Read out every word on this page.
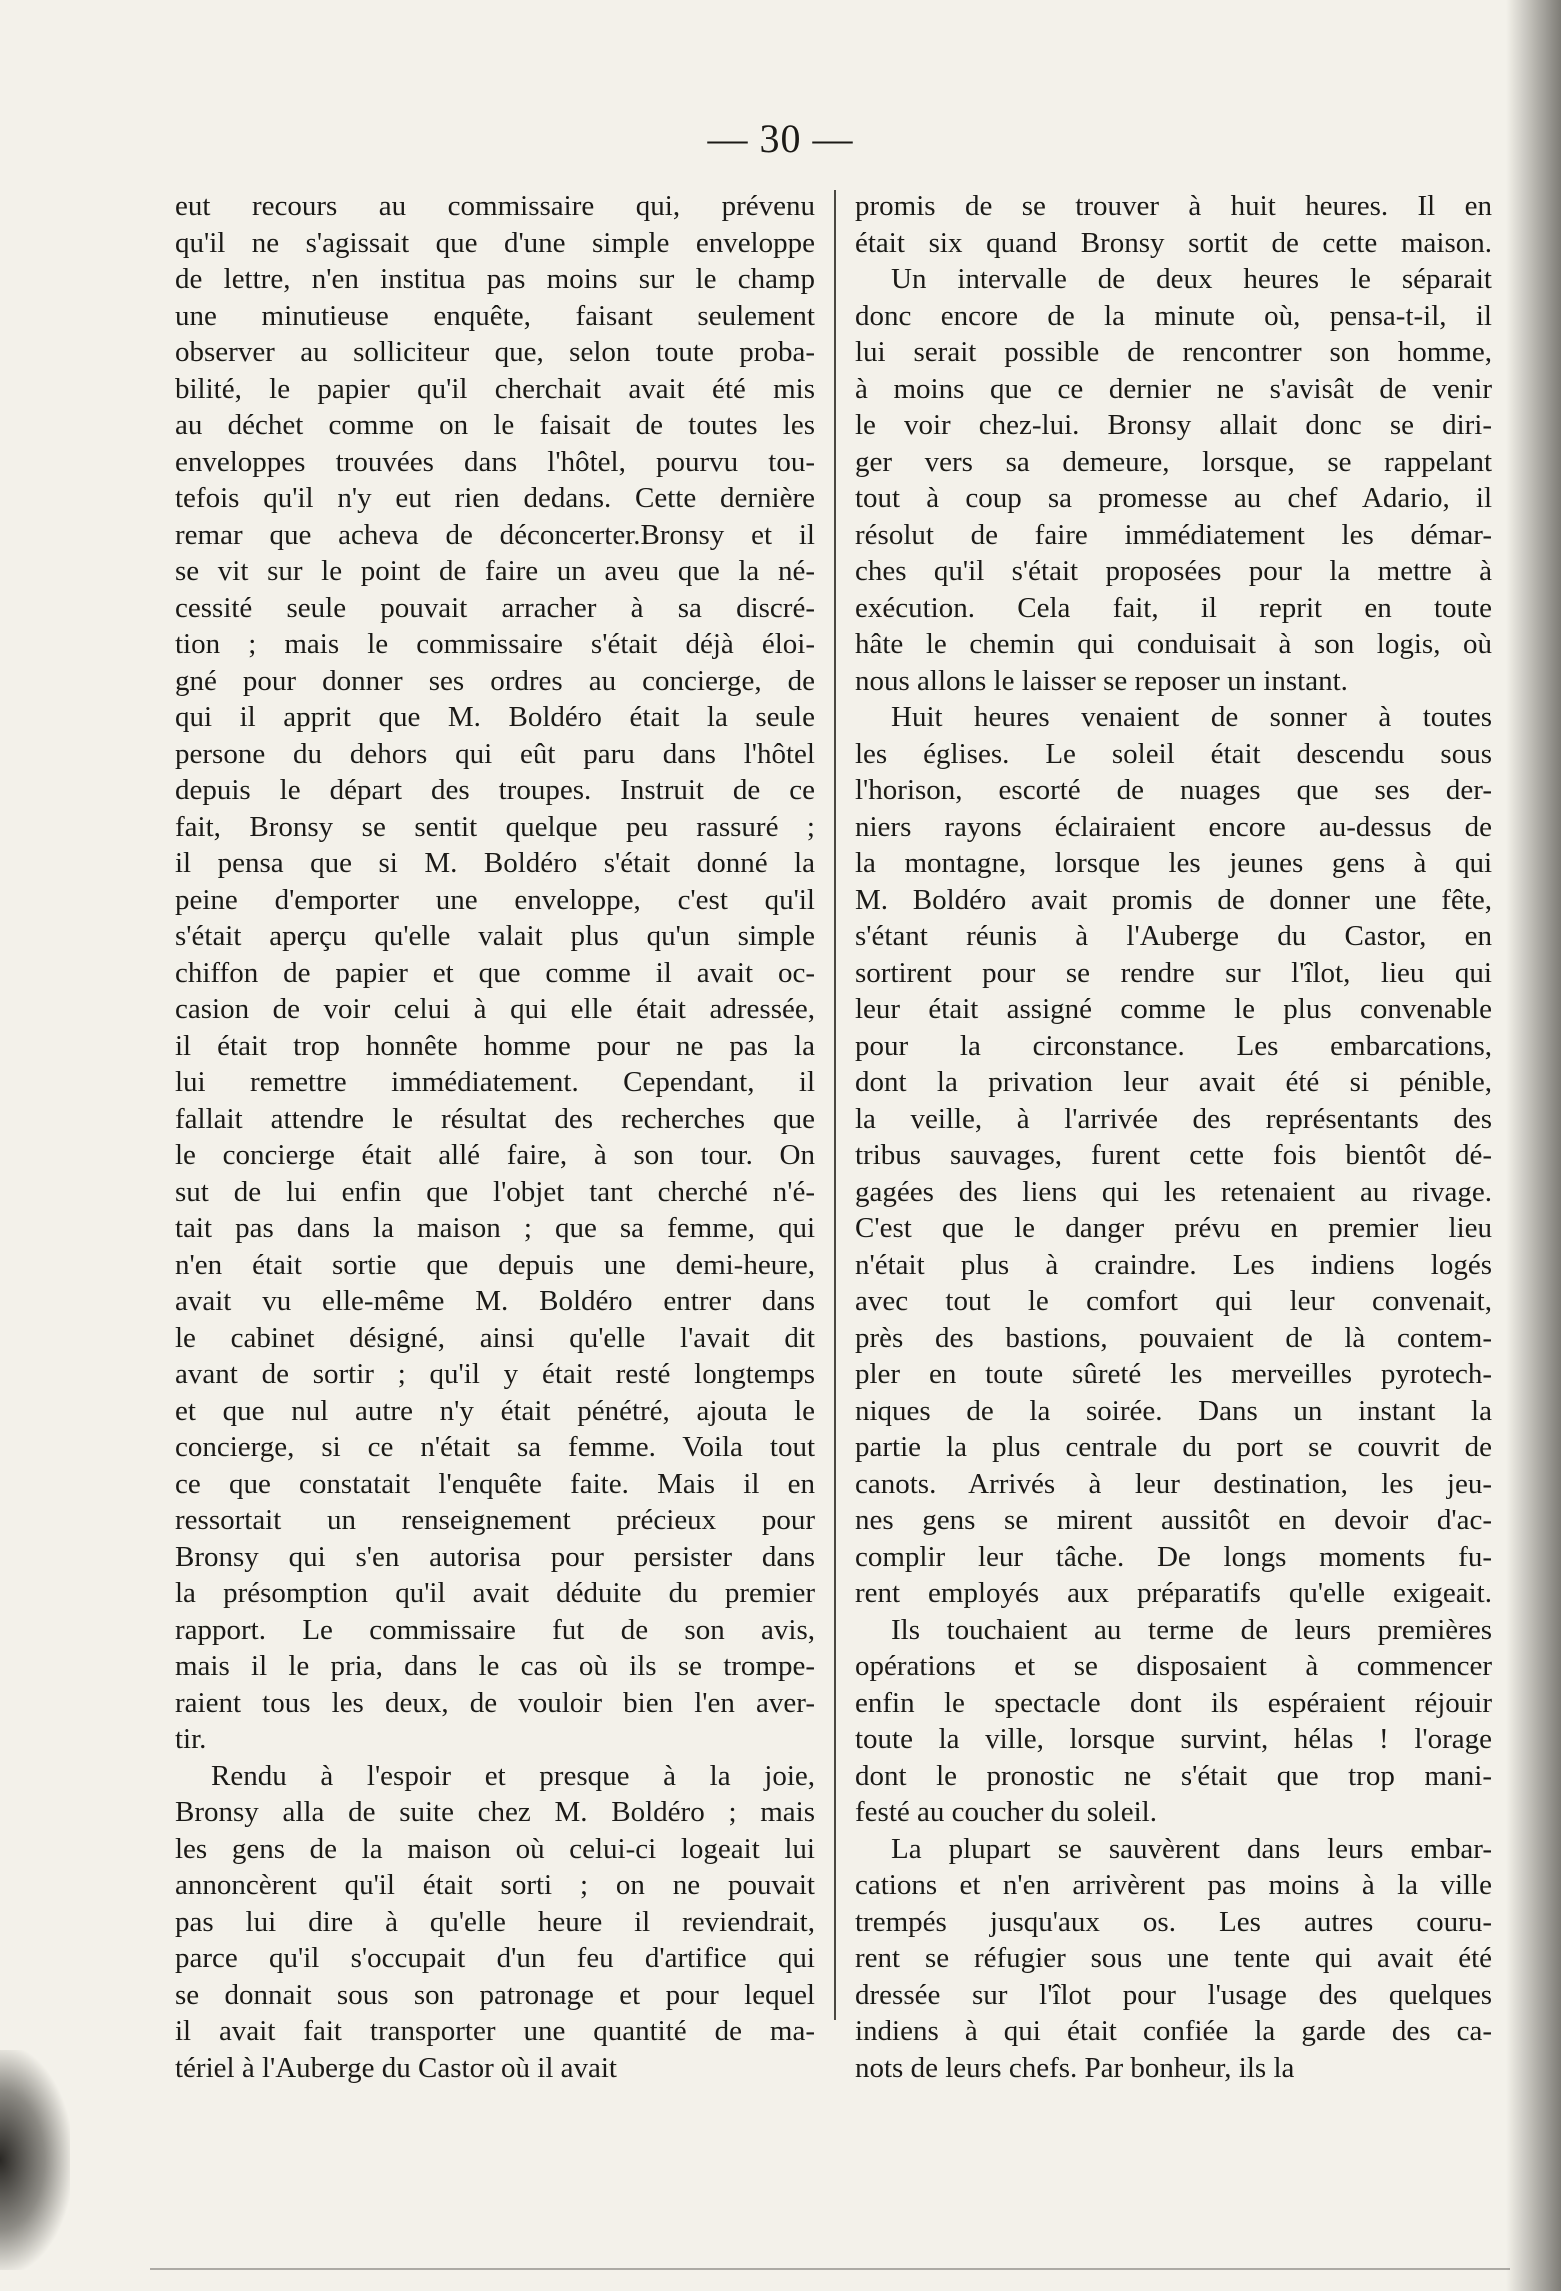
— 30 —
eut recours au commissaire qui, prévenu
qu'il ne s'agissait que d'une simple enveloppe
de lettre, n'en institua pas moins sur le champ
une minutieuse enquête, faisant seulement
observer au solliciteur que, selon toute proba-
bilité, le papier qu'il cherchait avait été mis
au déchet comme on le faisait de toutes les
enveloppes trouvées dans l'hôtel, pourvu tou-
tefois qu'il n'y eut rien dedans. Cette dernière
remar que acheva de déconcerter.Bronsy et il
se vit sur le point de faire un aveu que la né-
cessité seule pouvait arracher à sa discré-
tion ; mais le commissaire s'était déjà éloi-
gné pour donner ses ordres au concierge, de
qui il apprit que M. Boldéro était la seule
persone du dehors qui eût paru dans l'hôtel
depuis le départ des troupes. Instruit de ce
fait, Bronsy se sentit quelque peu rassuré ;
il pensa que si M. Boldéro s'était donné la
peine d'emporter une enveloppe, c'est qu'il
s'était aperçu qu'elle valait plus qu'un simple
chiffon de papier et que comme il avait oc-
casion de voir celui à qui elle était adressée,
il était trop honnête homme pour ne pas la
lui remettre immédiatement. Cependant, il
fallait attendre le résultat des recherches que
le concierge était allé faire, à son tour. On
sut de lui enfin que l'objet tant cherché n'é-
tait pas dans la maison ; que sa femme, qui
n'en était sortie que depuis une demi-heure,
avait vu elle-même M. Boldéro entrer dans
le cabinet désigné, ainsi qu'elle l'avait dit
avant de sortir ; qu'il y était resté longtemps
et que nul autre n'y était pénétré, ajouta le
concierge, si ce n'était sa femme. Voila tout
ce que constatait l'enquête faite. Mais il en
ressortait un renseignement précieux pour
Bronsy qui s'en autorisa pour persister dans
la présomption qu'il avait déduite du premier
rapport. Le commissaire fut de son avis,
mais il le pria, dans le cas où ils se trompe-
raient tous les deux, de vouloir bien l'en aver-
tir.
Rendu à l'espoir et presque à la joie,
Bronsy alla de suite chez M. Boldéro ; mais
les gens de la maison où celui-ci logeait lui
annoncèrent qu'il était sorti ; on ne pouvait
pas lui dire à qu'elle heure il reviendrait,
parce qu'il s'occupait d'un feu d'artifice qui
se donnait sous son patronage et pour lequel
il avait fait transporter une quantité de ma-
tériel à l'Auberge du Castor où il avait
promis de se trouver à huit heures. Il en
était six quand Bronsy sortit de cette maison.
Un intervalle de deux heures le séparait
donc encore de la minute où, pensa-t-il, il
lui serait possible de rencontrer son homme,
à moins que ce dernier ne s'avisât de venir
le voir chez-lui. Bronsy allait donc se diri-
ger vers sa demeure, lorsque, se rappelant
tout à coup sa promesse au chef Adario, il
résolut de faire immédiatement les démar-
ches qu'il s'était proposées pour la mettre à
exécution. Cela fait, il reprit en toute
hâte le chemin qui conduisait à son logis, où
nous allons le laisser se reposer un instant.
Huit heures venaient de sonner à toutes
les églises. Le soleil était descendu sous
l'horison, escorté de nuages que ses der-
niers rayons éclairaient encore au-dessus de
la montagne, lorsque les jeunes gens à qui
M. Boldéro avait promis de donner une fête,
s'étant réunis à l'Auberge du Castor, en
sortirent pour se rendre sur l'îlot, lieu qui
leur était assigné comme le plus convenable
pour la circonstance. Les embarcations,
dont la privation leur avait été si pénible,
la veille, à l'arrivée des représentants des
tribus sauvages, furent cette fois bientôt dé-
gagées des liens qui les retenaient au rivage.
C'est que le danger prévu en premier lieu
n'était plus à craindre. Les indiens logés
avec tout le comfort qui leur convenait,
près des bastions, pouvaient de là contem-
pler en toute sûreté les merveilles pyrotech-
niques de la soirée. Dans un instant la
partie la plus centrale du port se couvrit de
canots. Arrivés à leur destination, les jeu-
nes gens se mirent aussitôt en devoir d'ac-
complir leur tâche. De longs moments fu-
rent employés aux préparatifs qu'elle exigeait.
Ils touchaient au terme de leurs premières
opérations et se disposaient à commencer
enfin le spectacle dont ils espéraient réjouir
toute la ville, lorsque survint, hélas ! l'orage
dont le pronostic ne s'était que trop mani-
festé au coucher du soleil.
La plupart se sauvèrent dans leurs embar-
cations et n'en arrivèrent pas moins à la ville
trempés jusqu'aux os. Les autres couru-
rent se réfugier sous une tente qui avait été
dressée sur l'îlot pour l'usage des quelques
indiens à qui était confiée la garde des ca-
nots de leurs chefs. Par bonheur, ils la
